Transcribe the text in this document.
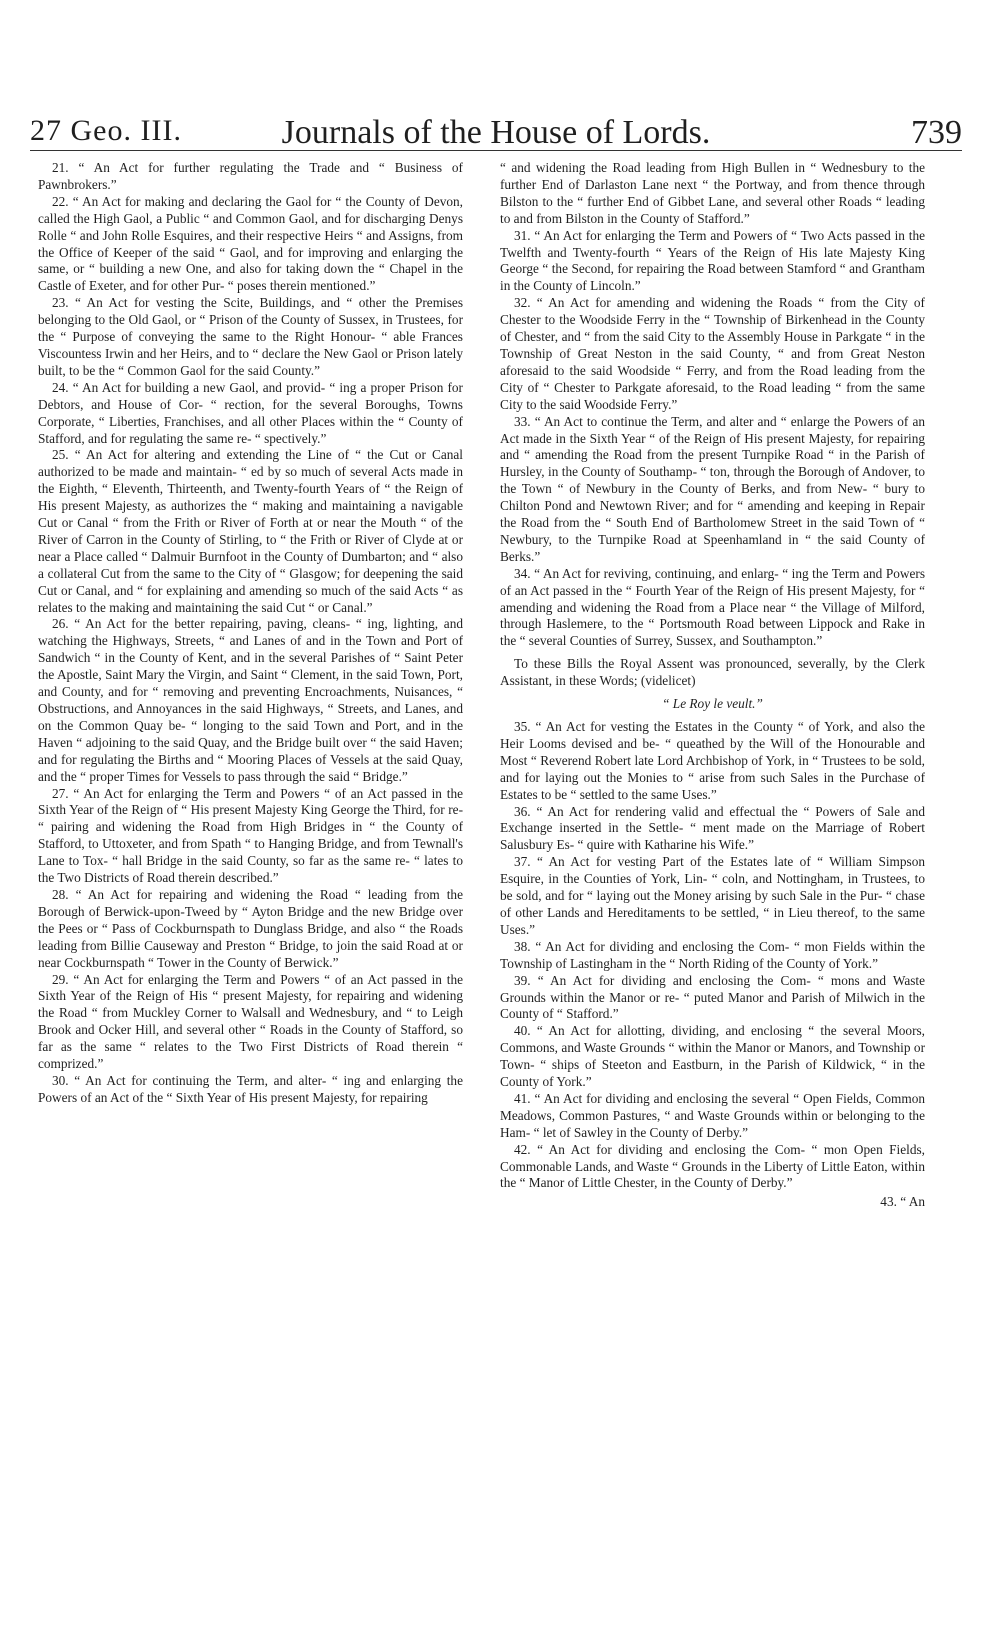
27 Geo. III.	Journals of the House of Lords.	739

21. “ An Act for further regulating the Trade and “ Business of Pawnbrokers.”

22. “ An Act for making and declaring the Gaol for “ the County of Devon, called the High Gaol, a Public “ and Common Gaol, and for discharging Denys Rolle “ and John Rolle Esquires, and their respective Heirs “ and Assigns, from the Office of Keeper of the said “ Gaol, and for improving and enlarging the same, or “ building a new One, and also for taking down the “ Chapel in the Castle of Exeter, and for other Pur- “ poses therein mentioned.”

23. “ An Act for vesting the Scite, Buildings, and “ other the Premises belonging to the Old Gaol, or “ Prison of the County of Sussex, in Trustees, for the “ Purpose of conveying the same to the Right Honour- “ able Frances Viscountess Irwin and her Heirs, and to “ declare the New Gaol or Prison lately built, to be the “ Common Gaol for the said County.”

24. “ An Act for building a new Gaol, and provid- “ ing a proper Prison for Debtors, and House of Cor- “ rection, for the several Boroughs, Towns Corporate, “ Liberties, Franchises, and all other Places within the “ County of Stafford, and for regulating the same re- “ spectively.”

25. “ An Act for altering and extending the Line of “ the Cut or Canal authorized to be made and maintain- “ ed by so much of several Acts made in the Eighth, “ Eleventh, Thirteenth, and Twenty-fourth Years of “ the Reign of His present Majesty, as authorizes the “ making and maintaining a navigable Cut or Canal “ from the Frith or River of Forth at or near the Mouth “ of the River of Carron in the County of Stirling, to “ the Frith or River of Clyde at or near a Place called “ Dalmuir Burnfoot in the County of Dumbarton; and “ also a collateral Cut from the same to the City of “ Glasgow; for deepening the said Cut or Canal, and “ for explaining and amending so much of the said Acts “ as relates to the making and maintaining the said Cut “ or Canal.”

26. “ An Act for the better repairing, paving, cleans- “ ing, lighting, and watching the Highways, Streets, “ and Lanes of and in the Town and Port of Sandwich “ in the County of Kent, and in the several Parishes of “ Saint Peter the Apostle, Saint Mary the Virgin, and Saint “ Clement, in the said Town, Port, and County, and for “ removing and preventing Encroachments, Nuisances, “ Obstructions, and Annoyances in the said Highways, “ Streets, and Lanes, and on the Common Quay be- “ longing to the said Town and Port, and in the Haven “ adjoining to the said Quay, and the Bridge built over “ the said Haven; and for regulating the Births and “ Mooring Places of Vessels at the said Quay, and the “ proper Times for Vessels to pass through the said “ Bridge.”

27. “ An Act for enlarging the Term and Powers “ of an Act passed in the Sixth Year of the Reign of “ His present Majesty King George the Third, for re- “ pairing and widening the Road from High Bridges in “ the County of Stafford, to Uttoxeter, and from Spath “ to Hanging Bridge, and from Tewnall's Lane to Tox- “ hall Bridge in the said County, so far as the same re- “ lates to the Two Districts of Road therein described.”

28. “ An Act for repairing and widening the Road “ leading from the Borough of Berwick-upon-Tweed by “ Ayton Bridge and the new Bridge over the Pees or “ Pass of Cockburnspath to Dunglass Bridge, and also “ the Roads leading from Billie Causeway and Preston “ Bridge, to join the said Road at or near Cockburnspath “ Tower in the County of Berwick.”

29. “ An Act for enlarging the Term and Powers “ of an Act passed in the Sixth Year of the Reign of His “ present Majesty, for repairing and widening the Road “ from Muckley Corner to Walsall and Wednesbury, and “ to Leigh Brook and Ocker Hill, and several other “ Roads in the County of Stafford, so far as the same “ relates to the Two First Districts of Road therein “ comprized.”

30. “ An Act for continuing the Term, and alter- “ ing and enlarging the Powers of an Act of the “ Sixth Year of His present Majesty, for repairing

“ and widening the Road leading from High Bullen in “ Wednesbury to the further End of Darlaston Lane next “ the Portway, and from thence through Bilston to the “ further End of Gibbet Lane, and several other Roads “ leading to and from Bilston in the County of Stafford.”

31. “ An Act for enlarging the Term and Powers of “ Two Acts passed in the Twelfth and Twenty-fourth “ Years of the Reign of His late Majesty King George “ the Second, for repairing the Road between Stamford “ and Grantham in the County of Lincoln.”

32. “ An Act for amending and widening the Roads “ from the City of Chester to the Woodside Ferry in the “ Township of Birkenhead in the County of Chester, and “ from the said City to the Assembly House in Parkgate “ in the Township of Great Neston in the said County, “ and from Great Neston aforesaid to the said Woodside “ Ferry, and from the Road leading from the City of “ Chester to Parkgate aforesaid, to the Road leading “ from the same City to the said Woodside Ferry.”

33. “ An Act to continue the Term, and alter and “ enlarge the Powers of an Act made in the Sixth Year “ of the Reign of His present Majesty, for repairing and “ amending the Road from the present Turnpike Road “ in the Parish of Hursley, in the County of Southamp- “ ton, through the Borough of Andover, to the Town “ of Newbury in the County of Berks, and from New- “ bury to Chilton Pond and Newtown River; and for “ amending and keeping in Repair the Road from the “ South End of Bartholomew Street in the said Town of “ Newbury, to the Turnpike Road at Speenhamland in “ the said County of Berks.”

34. “ An Act for reviving, continuing, and enlarg- “ ing the Term and Powers of an Act passed in the “ Fourth Year of the Reign of His present Majesty, for “ amending and widening the Road from a Place near “ the Village of Milford, through Haslemere, to the “ Portsmouth Road between Lippock and Rake in the “ several Counties of Surrey, Sussex, and Southampton.”

To these Bills the Royal Assent was pronounced, severally, by the Clerk Assistant, in these Words; (videlicet)

“ Le Roy le veult.”

35. “ An Act for vesting the Estates in the County “ of York, and also the Heir Looms devised and be- “ queathed by the Will of the Honourable and Most “ Reverend Robert late Lord Archbishop of York, in “ Trustees to be sold, and for laying out the Monies to “ arise from such Sales in the Purchase of Estates to be “ settled to the same Uses.”

36. “ An Act for rendering valid and effectual the “ Powers of Sale and Exchange inserted in the Settle- “ ment made on the Marriage of Robert Salusbury Es- “ quire with Katharine his Wife.”

37. “ An Act for vesting Part of the Estates late of “ William Simpson Esquire, in the Counties of York, Lin- “ coln, and Nottingham, in Trustees, to be sold, and for “ laying out the Money arising by such Sale in the Pur- “ chase of other Lands and Hereditaments to be settled, “ in Lieu thereof, to the same Uses.”

38. “ An Act for dividing and enclosing the Com- “ mon Fields within the Township of Lastingham in the “ North Riding of the County of York.”

39. “ An Act for dividing and enclosing the Com- “ mons and Waste Grounds within the Manor or re- “ puted Manor and Parish of Milwich in the County of “ Stafford.”

40. “ An Act for allotting, dividing, and enclosing “ the several Moors, Commons, and Waste Grounds “ within the Manor or Manors, and Township or Town- “ ships of Steeton and Eastburn, in the Parish of Kildwick, “ in the County of York.”

41. “ An Act for dividing and enclosing the several “ Open Fields, Common Meadows, Common Pastures, “ and Waste Grounds within or belonging to the Ham- “ let of Sawley in the County of Derby.”

42. “ An Act for dividing and enclosing the Com- “ mon Open Fields, Commonable Lands, and Waste “ Grounds in the Liberty of Little Eaton, within the “ Manor of Little Chester, in the County of Derby.”

43. “ An
